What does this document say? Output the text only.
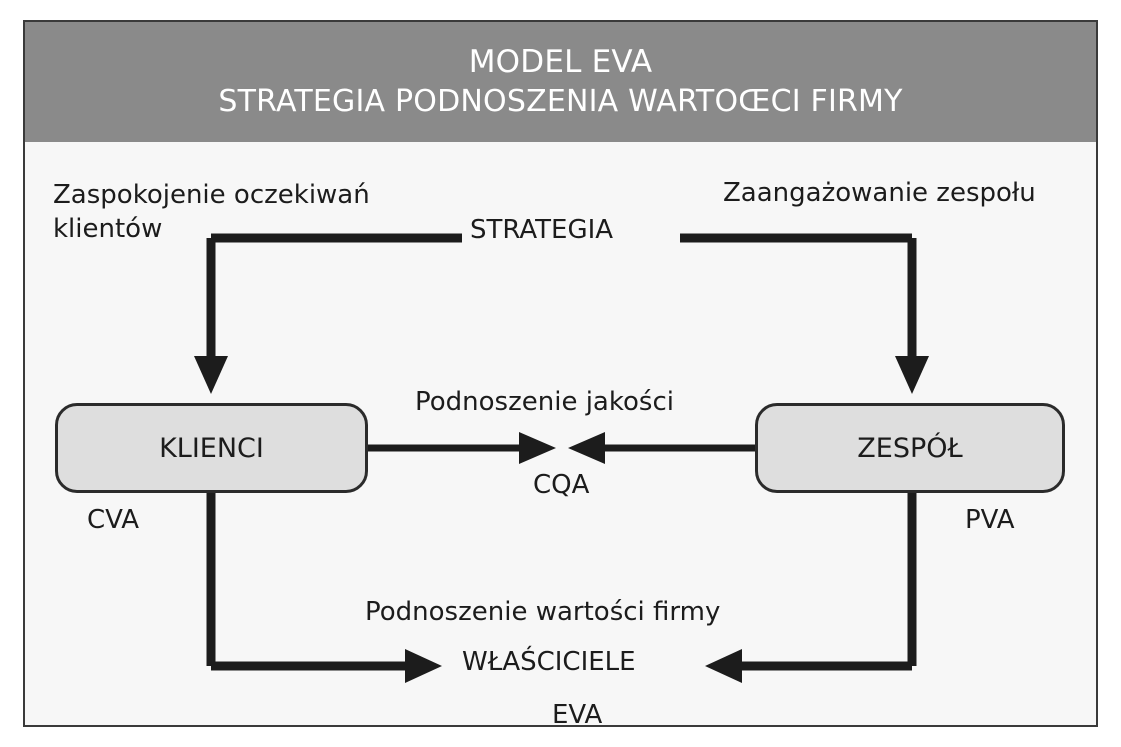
MODEL EVA
STRATEGIA PODNOSZENIA WARTOŒCI FIRMY
Zaspokojenie oczekiwań klientów	STRATEGIA
Zaangażowanie zespołu
KLIENCI	ZESPÓŁ
Podnoszenie jakości
CQA
CVA	PVA
Podnoszenie wartości firmy
WŁAŚCICIELE
EVA
